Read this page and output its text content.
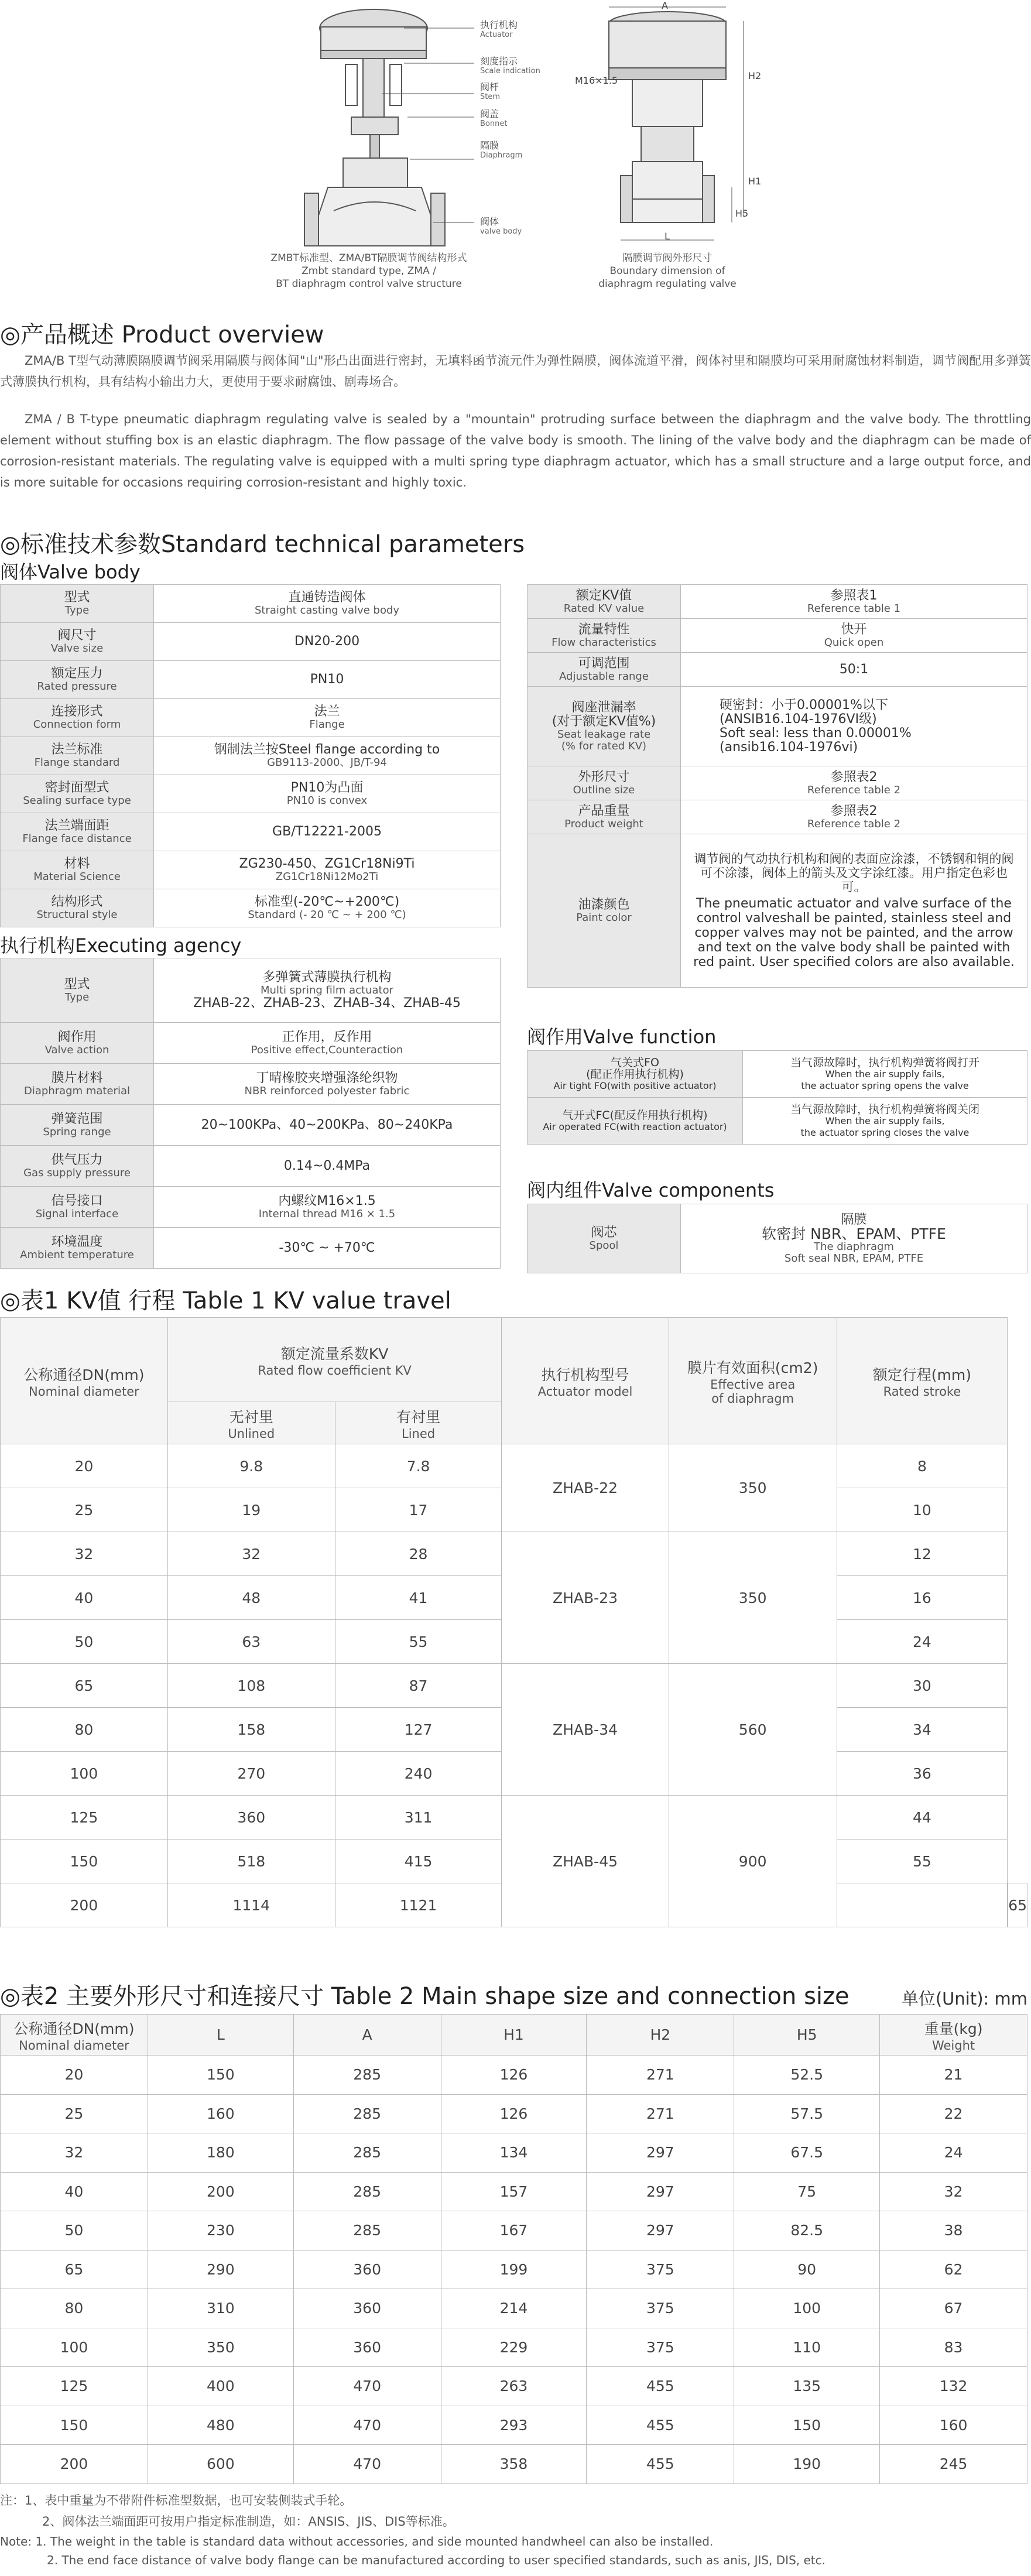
执行机构
Actuator
刻度指示
Scale indication
阀杆
Stem
阀盖
Bonnet
隔膜
Diaphragm
阀体
valve body
A
H2
H1
H5
L
M16×1.5
ZMBT标准型、ZMA/BT隔膜调节阀结构形式
Zmbt standard type, ZMA /
BT diaphragm control valve structure
隔膜调节阀外形尺寸
Boundary dimension of
diaphragm regulating valve
◎产品概述 Product overview
ZMA/B T型气动薄膜隔膜调节阀采用隔膜与阀体间"山"形凸出面进行密封，无填料函节流元件为弹性隔膜，阀体流道平滑，阀体衬里和隔膜均可采用耐腐蚀材料制造，调节阀配用多弹簧式薄膜执行机构，具有结构小输出力大，更使用于要求耐腐蚀、剧毒场合。
ZMA / B T-type pneumatic diaphragm regulating valve is sealed by a "mountain" protruding surface between the diaphragm and the valve body. The throttling element without stuffing box is an elastic diaphragm. The flow passage of the valve body is smooth. The lining of the valve body and the diaphragm can be made of corrosion-resistant materials. The regulating valve is equipped with a multi spring type diaphragm actuator, which has a small structure and a large output force, and is more suitable for occasions requiring corrosion-resistant and highly toxic.
◎标准技术参数Standard technical parameters
阀体Valve body
型式
Type	直通铸造阀体
Straight casting valve body

阀尺寸
Valve size	DN20-200

额定压力
Rated pressure	PN10

连接形式
Connection form	法兰
Flange

法兰标准
Flange standard	钢制法兰按Steel flange according to
GB9113-2000、JB/T-94

密封面型式
Sealing surface type	PN10为凸面
PN10 is convex

法兰端面距
Flange face distance	GB/T12221-2005

材料
Material Science	ZG230-450、ZG1Cr18Ni9Ti
ZG1Cr18Ni12Mo2Ti

结构形式
Structural style	标准型(-20℃~+200℃)
Standard (- 20 ℃ ~ + 200 ℃)
执行机构Executing agency
型式
Type	多弹簧式薄膜执行机构
Multi spring film actuator
ZHAB-22、ZHAB-23、ZHAB-34、ZHAB-45

阀作用
Valve action	正作用，反作用
Positive effect,Counteraction

膜片材料
Diaphragm material	丁晴橡胶夹增强涤纶织物
NBR reinforced polyester fabric

弹簧范围
Spring range	20~100KPa、40~200KPa、80~240KPa

供气压力
Gas supply pressure	0.14~0.4MPa

信号接口
Signal interface	内螺纹M16×1.5
Internal thread M16 × 1.5

环境温度
Ambient temperature	-30℃ ~ +70℃
额定KV值
Rated KV value	参照表1
Reference table 1

流量特性
Flow characteristics	快开
Quick open

可调范围
Adjustable range	50:1

阀座泄漏率
(对于额定KV值%)
Seat leakage rate
(% for rated KV)	硬密封：小于0.00001%以下
(ANSIB16.104-1976VI级)
Soft seal: less than 0.00001%
(ansib16.104-1976vi)

外形尺寸
Outline size	参照表2
Reference table 2

产品重量
Product weight	参照表2
Reference table 2

油漆颜色
Paint color	调节阀的气动执行机构和阀的表面应涂漆，不锈钢和铜的阀可不涂漆，阀体上的箭头及文字涂红漆。用户指定色彩也可。
The pneumatic actuator and valve surface of the control valveshall be painted, stainless steel and copper valves may not be painted, and the arrow and text on the valve body shall be painted with red paint. User specified colors are also available.
阀作用Valve function
气关式FO
(配正作用执行机构)
Air tight FO(with positive actuator)	当气源故障时，执行机构弹簧将阀打开
When the air supply fails,
the actuator spring opens the valve

气开式FC(配反作用执行机构)
Air operated FC(with reaction actuator)	当气源故障时，执行机构弹簧将阀关闭
When the air supply fails,
the actuator spring closes the valve
阀内组件Valve components
阀芯
Spool

隔膜
软密封 NBR、EPAM、PTFE
The diaphragm
Soft seal NBR, EPAM, PTFE
◎表1 KV值 行程 Table 1 KV value travel
公称通径DN(mm)
Nominal diameter	额定流量系数KV
Rated flow coefficient KV		执行机构型号
Actuator model	膜片有效面积(cm2)
Effective area
of diaphragm	额定行程(mm)
Rated stroke	

	无衬里
Unlined	有衬里
Lined				

20	9.8	7.8	ZHAB-22	350	8	
25	19	17			10	
32	32	28	ZHAB-23	350	12	
40	48	41			16	
50	63	55			24	
65	108	87	ZHAB-34	560	30	
80	158	127			34	
100	270	240			36	
125	360	311	ZHAB-45	900	44	
150	518	415			55	
200	1114	1121				65
◎表2 主要外形尺寸和连接尺寸 Table 2 Main shape size and connection size	单位(Unit): mm
公称通径DN(mm)
Nominal diameter	L	A	H1	H2	H5	重量(kg)
Weight

20	150	285	126	271	52.5	21
25	160	285	126	271	57.5	22
32	180	285	134	297	67.5	24
40	200	285	157	297	75	32
50	230	285	167	297	82.5	38
65	290	360	199	375	90	62
80	310	360	214	375	100	67
100	350	360	229	375	110	83
125	400	470	263	455	135	132
150	480	470	293	455	150	160
200	600	470	358	455	190	245
注：1、表中重量为不带附件标准型数据，也可安装侧装式手轮。
2、阀体法兰端面距可按用户指定标准制造，如：ANSIS、JIS、DIS等标准。
Note: 1. The weight in the table is standard data without accessories, and side mounted handwheel can also be installed.
2. The end face distance of valve body flange can be manufactured according to user specified standards, such as anis, JIS, DIS, etc.
